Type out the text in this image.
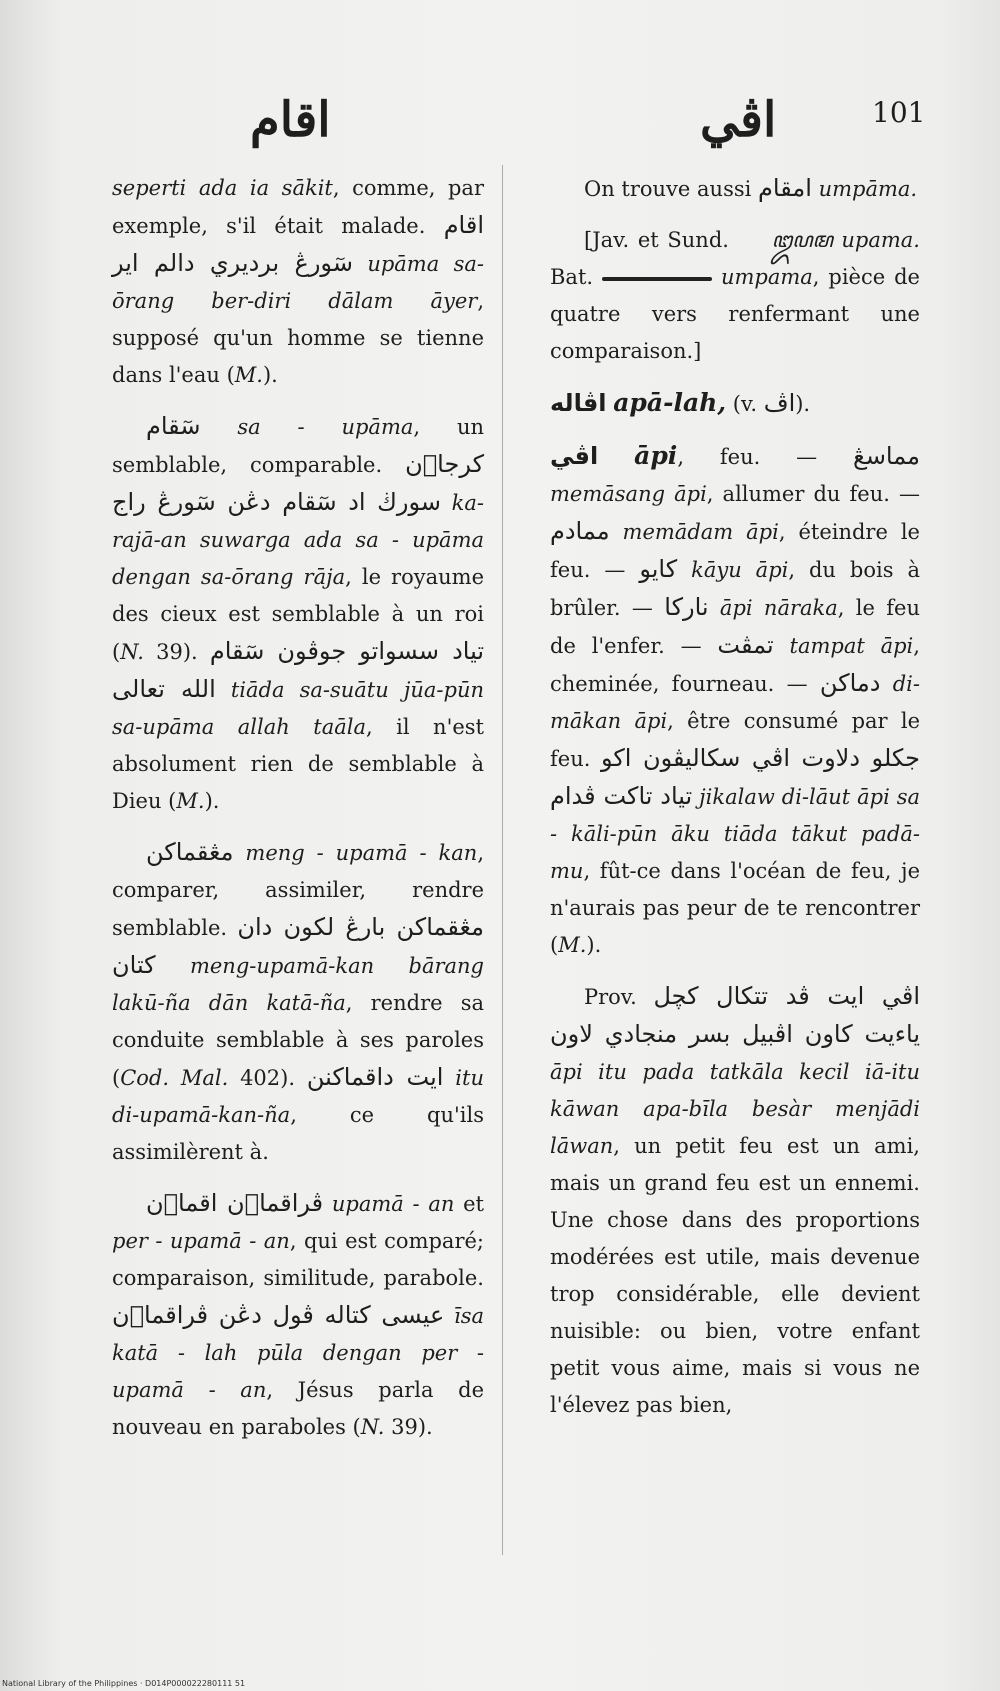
اقام	اڤي	101

seperti ada ia sākit, comme, par exemple, s'il était malade. اقام سٓورڠ برديري دالم اير upāma sa-ōrang ber-diri dālam āyer, supposé qu'un homme se tienne dans l'eau (M.).

سٓقام sa - upāma, un semblable, comparable. كرجا٘ن سورڬ اد سٓقام دڠن سٓورڠ راج ka-rajā-an suwarga ada sa - upāma dengan sa-ōrang rāja, le royaume des cieux est semblable à un roi (N. 39). تياد سسواتو جوڤون سٓقام الله تعالى tiāda sa-suātu jūa-pūn sa-upāma allah taāla, il n'est absolument rien de semblable à Dieu (M.).

مڠقماكن meng - upamā - kan, comparer, assimiler, rendre semblable. مڠقماكن بارڠ لكون دان كتان meng-upamā-kan bārang lakū-ña dān katā-ña, rendre sa conduite semblable à ses paroles (Cod. Mal. 402). ايت داقماكنن itu di-upamā-kan-ña, ce qu'ils assimilèrent à.

ڤراقما٘ن اقما٘ن upamā - an et per - upamā - an, qui est comparé; comparaison, similitude, parabole. عيسى كتاله ڤول دڠن ڤراقما٘ن īsa katā - lah pūla dengan per - upamā - an, Jésus parla de nouveau en paraboles (N. 39).

On trouve aussi امقام umpāma.

[Jav. et Sund. ꦈꦥꦩ upama. Bat.	umpama, pièce de quatre vers renfermant une comparaison.]

اڤاله apā-lah, (v. اڤ).

اڤي āpi, feu. — مماسڠ memāsang āpi, allumer du feu. — ممادم memādam āpi, éteindre le feu. — كايو kāyu āpi, du bois à brûler. — ناركا āpi nāraka, le feu de l'enfer. — تمڤت tampat āpi, cheminée, fourneau. — دماكن di-mākan āpi, être consumé par le feu. جكلو دلاوت اڤي سكاليڤون اكو تياد تاكت ڤدام jikalaw di-lāut āpi sa - kāli-pūn āku tiāda tākut padā-mu, fût-ce dans l'océan de feu, je n'aurais pas peur de te rencontrer (M.).

Prov. اڤي ايت ڤد تتكال كچل ياءيت كاون اڤبيل بسر منجادي لاون āpi itu pada tatkāla kecil iā-itu kāwan apa-bīla besàr menjādi lāwan, un petit feu est un ami, mais un grand feu est un ennemi. Une chose dans des proportions modérées est utile, mais devenue trop considérable, elle devient nuisible: ou bien, votre enfant petit vous aime, mais si vous ne l'élevez pas bien,

National Library of the Philippines · D014P000022280111 51
